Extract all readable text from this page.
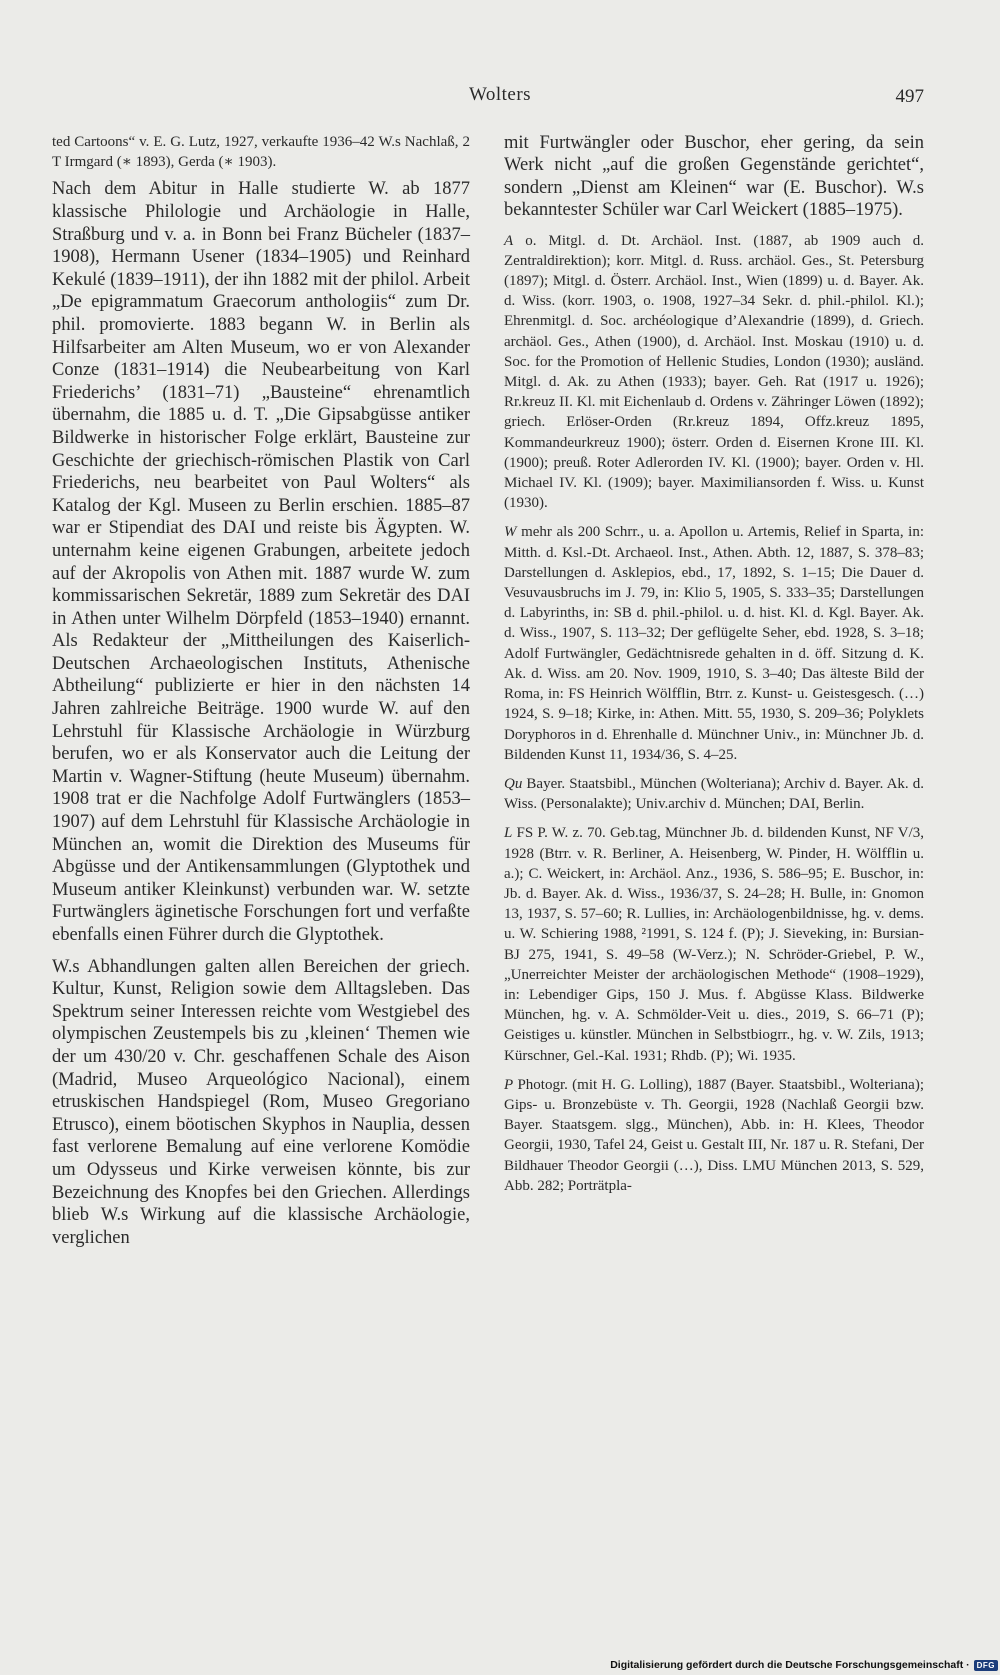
Wolters	497

ted Cartoons“ v. E. G. Lutz, 1927, verkaufte 1936–42 W.s Nachlaß, 2 T Irmgard (∗ 1893), Gerda (∗ 1903).

Nach dem Abitur in Halle studierte W. ab 1877 klassische Philologie und Archäologie in Halle, Straßburg und v. a. in Bonn bei Franz Bücheler (1837–1908), Hermann Usener (1834–1905) und Reinhard Kekulé (1839–1911), der ihn 1882 mit der philol. Arbeit „De epigrammatum Graecorum anthologiis“ zum Dr. phil. promovierte. 1883 begann W. in Berlin als Hilfsarbeiter am Alten Museum, wo er von Alexander Conze (1831–1914) die Neubearbeitung von Karl Friederichs’ (1831–71) „Bausteine“ ehrenamtlich übernahm, die 1885 u. d. T. „Die Gipsabgüsse antiker Bildwerke in historischer Folge erklärt, Bausteine zur Geschichte der griechisch-römischen Plastik von Carl Friederichs, neu bearbeitet von Paul Wolters“ als Katalog der Kgl. Museen zu Berlin erschien. 1885–87 war er Stipendiat des DAI und reiste bis Ägypten. W. unternahm keine eigenen Grabungen, arbeitete jedoch auf der Akropolis von Athen mit. 1887 wurde W. zum kommissarischen Sekretär, 1889 zum Sekretär des DAI in Athen unter Wilhelm Dörpfeld (1853–1940) ernannt. Als Redakteur der „Mittheilungen des Kaiserlich-Deutschen Archaeologischen Instituts, Athenische Abtheilung“ publizierte er hier in den nächsten 14 Jahren zahlreiche Beiträge. 1900 wurde W. auf den Lehrstuhl für Klassische Archäologie in Würzburg berufen, wo er als Konservator auch die Leitung der Martin v. Wagner-Stiftung (heute Museum) übernahm. 1908 trat er die Nachfolge Adolf Furtwänglers (1853–1907) auf dem Lehrstuhl für Klassische Archäologie in München an, womit die Direktion des Museums für Abgüsse und der Antikensammlungen (Glyptothek und Museum antiker Kleinkunst) verbunden war. W. setzte Furtwänglers äginetische Forschungen fort und verfaßte ebenfalls einen Führer durch die Glyptothek.

W.s Abhandlungen galten allen Bereichen der griech. Kultur, Kunst, Religion sowie dem Alltagsleben. Das Spektrum seiner Interessen reichte vom Westgiebel des olympischen Zeustempels bis zu ‚kleinen‘ Themen wie der um 430/20 v. Chr. geschaffenen Schale des Aison (Madrid, Museo Arqueológico Nacional), einem etruskischen Handspiegel (Rom, Museo Gregoriano Etrusco), einem böotischen Skyphos in Nauplia, dessen fast verlorene Bemalung auf eine verlorene Komödie um Odysseus und Kirke verweisen könnte, bis zur Bezeichnung des Knopfes bei den Griechen. Allerdings blieb W.s Wirkung auf die klassische Archäologie, verglichen

mit Furtwängler oder Buschor, eher gering, da sein Werk nicht „auf die großen Gegenstände gerichtet“, sondern „Dienst am Kleinen“ war (E. Buschor). W.s bekanntester Schüler war Carl Weickert (1885–1975).

A o. Mitgl. d. Dt. Archäol. Inst. (1887, ab 1909 auch d. Zentraldirektion); korr. Mitgl. d. Russ. archäol. Ges., St. Petersburg (1897); Mitgl. d. Österr. Archäol. Inst., Wien (1899) u. d. Bayer. Ak. d. Wiss. (korr. 1903, o. 1908, 1927–34 Sekr. d. phil.-philol. Kl.); Ehrenmitgl. d. Soc. archéologique d’Alexandrie (1899), d. Griech. archäol. Ges., Athen (1900), d. Archäol. Inst. Moskau (1910) u. d. Soc. for the Promotion of Hellenic Studies, London (1930); ausländ. Mitgl. d. Ak. zu Athen (1933); bayer. Geh. Rat (1917 u. 1926); Rr.kreuz II. Kl. mit Eichenlaub d. Ordens v. Zähringer Löwen (1892); griech. Erlöser-Orden (Rr.kreuz 1894, Offz.kreuz 1895, Kommandeurkreuz 1900); österr. Orden d. Eisernen Krone III. Kl. (1900); preuß. Roter Adlerorden IV. Kl. (1900); bayer. Orden v. Hl. Michael IV. Kl. (1909); bayer. Maximiliansorden f. Wiss. u. Kunst (1930).

W mehr als 200 Schrr., u. a. Apollon u. Artemis, Relief in Sparta, in: Mitth. d. Ksl.-Dt. Archaeol. Inst., Athen. Abth. 12, 1887, S. 378–83; Darstellungen d. Asklepios, ebd., 17, 1892, S. 1–15; Die Dauer d. Vesuvausbruchs im J. 79, in: Klio 5, 1905, S. 333–35; Darstellungen d. Labyrinths, in: SB d. phil.-philol. u. d. hist. Kl. d. Kgl. Bayer. Ak. d. Wiss., 1907, S. 113–32; Der geflügelte Seher, ebd. 1928, S. 3–18; Adolf Furtwängler, Gedächtnisrede gehalten in d. öff. Sitzung d. K. Ak. d. Wiss. am 20. Nov. 1909, 1910, S. 3–40; Das älteste Bild der Roma, in: FS Heinrich Wölfflin, Btrr. z. Kunst- u. Geistesgesch. (…) 1924, S. 9–18; Kirke, in: Athen. Mitt. 55, 1930, S. 209–36; Polyklets Doryphoros in d. Ehrenhalle d. Münchner Univ., in: Münchner Jb. d. Bildenden Kunst 11, 1934/36, S. 4–25.

Qu Bayer. Staatsbibl., München (Wolteriana); Archiv d. Bayer. Ak. d. Wiss. (Personalakte); Univ.archiv d. München; DAI, Berlin.

L FS P. W. z. 70. Geb.tag, Münchner Jb. d. bildenden Kunst, NF V/3, 1928 (Btrr. v. R. Berliner, A. Heisenberg, W. Pinder, H. Wölfflin u. a.); C. Weickert, in: Archäol. Anz., 1936, S. 586–95; E. Buschor, in: Jb. d. Bayer. Ak. d. Wiss., 1936/37, S. 24–28; H. Bulle, in: Gnomon 13, 1937, S. 57–60; R. Lullies, in: Archäologenbildnisse, hg. v. dems. u. W. Schiering 1988, ²1991, S. 124 f. (P); J. Sieveking, in: Bursian-BJ 275, 1941, S. 49–58 (W-Verz.); N. Schröder-Griebel, P. W., „Unerreichter Meister der archäologischen Methode“ (1908–1929), in: Lebendiger Gips, 150 J. Mus. f. Abgüsse Klass. Bildwerke München, hg. v. A. Schmölder-Veit u. dies., 2019, S. 66–71 (P); Geistiges u. künstler. München in Selbstbiogrr., hg. v. W. Zils, 1913; Kürschner, Gel.-Kal. 1931; Rhdb. (P); Wi. 1935.

P Photogr. (mit H. G. Lolling), 1887 (Bayer. Staatsbibl., Wolteriana); Gips- u. Bronzebüste v. Th. Georgii, 1928 (Nachlaß Georgii bzw. Bayer. Staatsgem. slgg., München), Abb. in: H. Klees, Theodor Georgii, 1930, Tafel 24, Geist u. Gestalt III, Nr. 187 u. R. Stefani, Der Bildhauer Theodor Georgii (…), Diss. LMU München 2013, S. 529, Abb. 282; Porträtpla-

Digitalisierung gefördert durch die Deutsche Forschungsgemeinschaft · DFG
